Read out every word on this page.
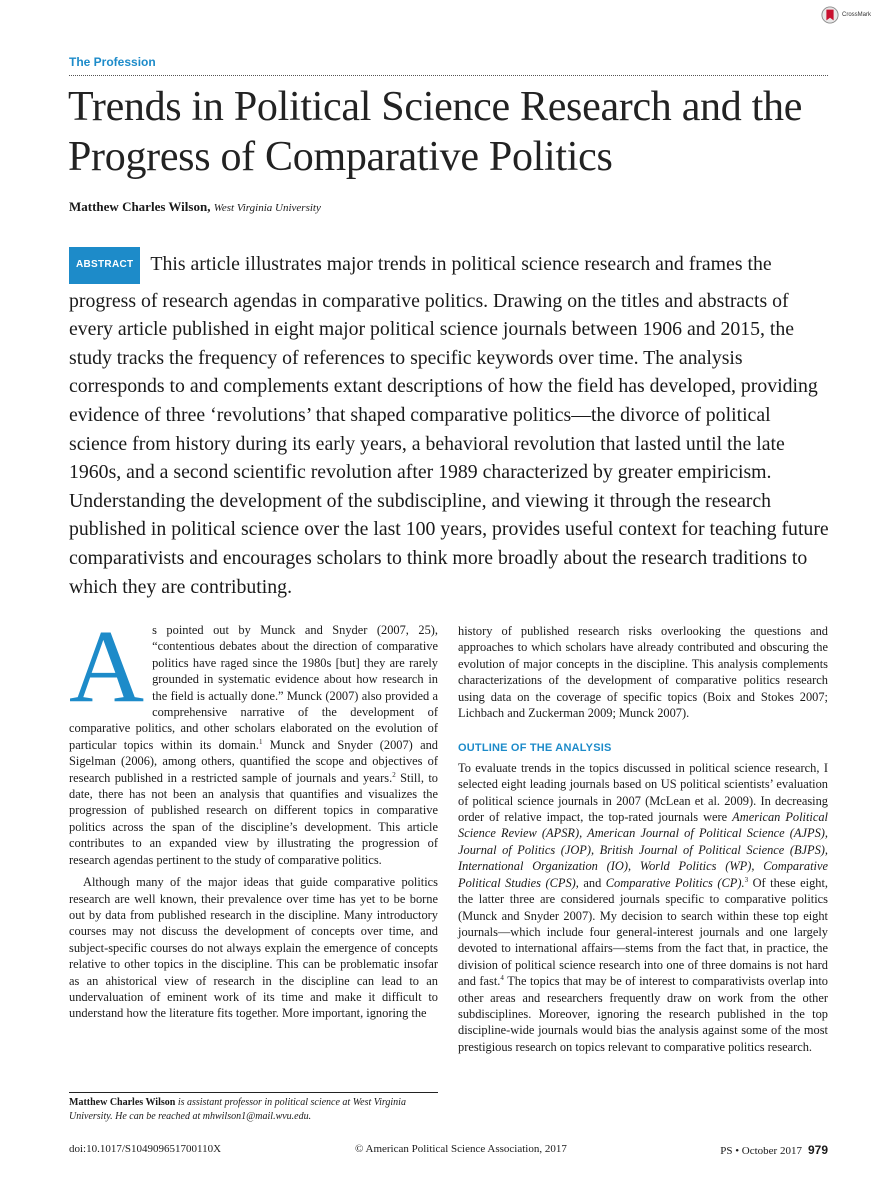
CrossMark
The Profession
Trends in Political Science Research and the Progress of Comparative Politics
Matthew Charles Wilson, West Virginia University
ABSTRACT This article illustrates major trends in political science research and frames the progress of research agendas in comparative politics. Drawing on the titles and abstracts of every article published in eight major political science journals between 1906 and 2015, the study tracks the frequency of references to specific keywords over time. The analysis corresponds to and complements extant descriptions of how the field has developed, providing evidence of three ‘revolutions’ that shaped comparative politics—the divorce of political science from history during its early years, a behavioral revolution that lasted until the late 1960s, and a second scientific revolution after 1989 characterized by greater empiricism. Understanding the development of the subdiscipline, and viewing it through the research published in political science over the last 100 years, provides useful context for teaching future comparativists and encourages scholars to think more broadly about the research traditions to which they are contributing.

As pointed out by Munck and Snyder (2007, 25), “contentious debates about the direction of comparative politics have raged since the 1980s [but] they are rarely grounded in systematic evidence about how research in the field is actually done.” Munck (2007) also provided a comprehensive narrative of the development of comparative politics, and other scholars elaborated on the evolution of particular topics within its domain.$^1$ Munck and Snyder (2007) and Sigelman (2006), among others, quantified the scope and objectives of research published in a restricted sample of journals and years.$^2$ Still, to date, there has not been an analysis that quantifies and visualizes the progression of published research on different topics in comparative politics across the span of the discipline’s development. This article contributes to an expanded view by illustrating the progression of research agendas pertinent to the study of comparative politics.

Although many of the major ideas that guide comparative politics research are well known, their prevalence over time has yet to be borne out by data from published research in the discipline. Many introductory courses may not discuss the development of concepts over time, and subject-specific courses do not always explain the emergence of concepts relative to other topics in the discipline. This can be problematic insofar as an ahistorical view of research in the discipline can lead to an undervaluation of eminent work of its time and make it difficult to understand how the literature fits together. More important, ignoring the

history of published research risks overlooking the questions and approaches to which scholars have already contributed and obscuring the evolution of major concepts in the discipline. This analysis complements characterizations of the development of comparative politics research using data on the coverage of specific topics (Boix and Stokes 2007; Lichbach and Zuckerman 2009; Munck 2007).

OUTLINE OF THE ANALYSIS

To evaluate trends in the topics discussed in political science research, I selected eight leading journals based on US political scientists’ evaluation of political science journals in 2007 (McLean et al. 2009). In decreasing order of relative impact, the top-rated journals were American Political Science Review (APSR), American Journal of Political Science (AJPS), Journal of Politics (JOP), British Journal of Political Science (BJPS), International Organization (IO), World Politics (WP), Comparative Political Studies (CPS), and Comparative Politics (CP).$^3$ Of these eight, the latter three are considered journals specific to comparative politics (Munck and Snyder 2007). My decision to search within these top eight journals—which include four general-interest journals and one largely devoted to international affairs—stems from the fact that, in practice, the division of political science research into one of three domains is not hard and fast.$^4$ The topics that may be of interest to comparativists overlap into other areas and researchers frequently draw on work from the other subdisciplines. Moreover, ignoring the research published in the top discipline-wide journals would bias the analysis against some of the most prestigious research on topics relevant to comparative politics research.

Matthew Charles Wilson is assistant professor in political science at West Virginia University. He can be reached at mhwilson1@mail.wvu.edu.
doi:10.1017/S104909651700110X	© American Political Science Association, 2017	PS • October 2017 979
